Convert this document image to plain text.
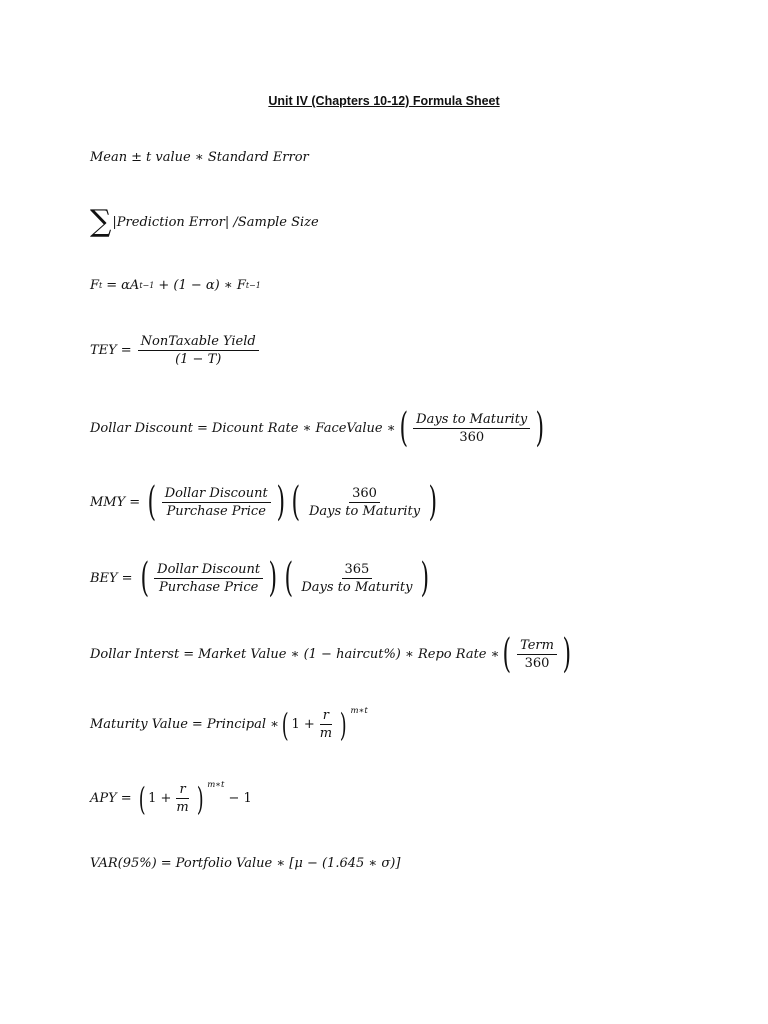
Unit IV (Chapters 10-12) Formula Sheet
Mean ± t value ∗ Standard Error
∑ |Prediction Error| /Sample Size
F t = αA t−1 + (1 − α) ∗ F t−1
TEY = $\frac{\text{NonTaxable Yield}}{(1 - T)}$
Dollar Discount = Dicount Rate ∗ FaceValue ∗ ( $\frac{\text{Days to Maturity}}{360}$ )
MMY = ( $\frac{\text{Dollar Discount}}{\text{Purchase Price}}$ ) ( $\frac{360}{\text{Days to Maturity}}$ )
BEY = ( $\frac{\text{Dollar Discount}}{\text{Purchase Price}}$ ) ( $\frac{365}{\text{Days to Maturity}}$ )
Dollar Interst = Market Value ∗ (1 − haircut%) ∗ Repo Rate ∗ ( $\frac{\text{Term}}{360}$ )
Maturity Value = Principal ∗ ( $1 + \frac{r}{m}$ ) m∗t
APY = ( $1 + \frac{r}{m}$ ) m∗t
− 1
VAR(95%) = Portfolio Value ∗ [μ − (1.645 ∗ σ)]
